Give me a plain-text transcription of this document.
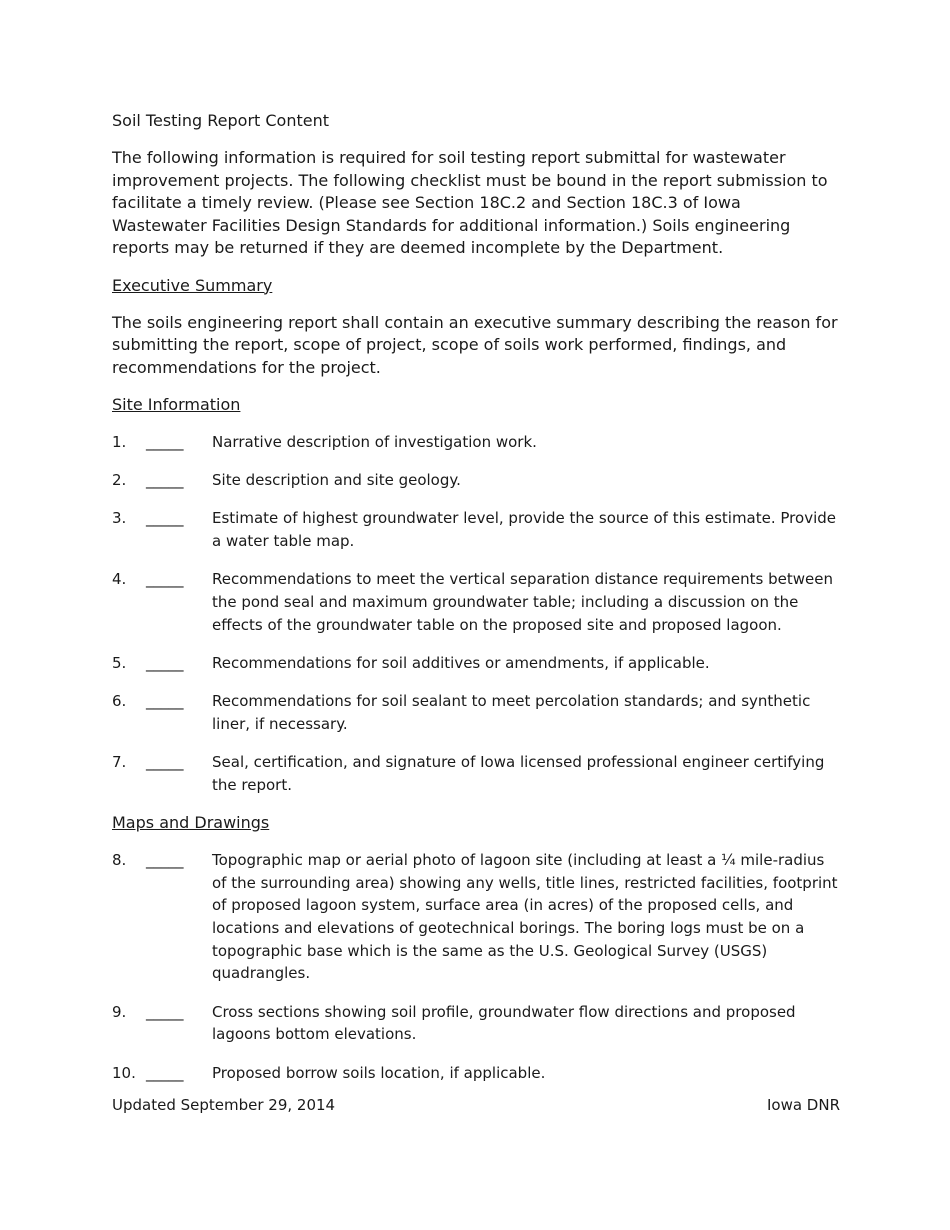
Soil Testing Report Content
The following information is required for soil testing report submittal for wastewater improvement projects. The following checklist must be bound in the report submission to facilitate a timely review. (Please see Section 18C.2 and Section 18C.3 of Iowa Wastewater Facilities Design Standards for additional information.) Soils engineering reports may be returned if they are deemed incomplete by the Department.
Executive Summary
The soils engineering report shall contain an executive summary describing the reason for submitting the report, scope of project, scope of soils work performed, findings, and recommendations for the project.
Site Information
1.	_____	Narrative description of investigation work.
2.	_____	Site description and site geology.
3.	_____	Estimate of highest groundwater level, provide the source of this estimate. Provide a water table map.
4.	_____	Recommendations to meet the vertical separation distance requirements between the pond seal and maximum groundwater table; including a discussion on the effects of the groundwater table on the proposed site and proposed lagoon.
5.	_____	Recommendations for soil additives or amendments, if applicable.
6.	_____	Recommendations for soil sealant to meet percolation standards; and synthetic liner, if necessary.
7.	_____	Seal, certification, and signature of Iowa licensed professional engineer certifying the report.
Maps and Drawings
8.	_____	Topographic map or aerial photo of lagoon site (including at least a ¼ mile-radius of the surrounding area) showing any wells, title lines, restricted facilities, footprint of proposed lagoon system, surface area (in acres) of the proposed cells, and locations and elevations of geotechnical borings. The boring logs must be on a topographic base which is the same as the U.S. Geological Survey (USGS) quadrangles.
9.	_____	Cross sections showing soil profile, groundwater flow directions and proposed lagoons bottom elevations.
10. _____	Proposed borrow soils location, if applicable.
Updated September 29, 2014	Iowa DNR
